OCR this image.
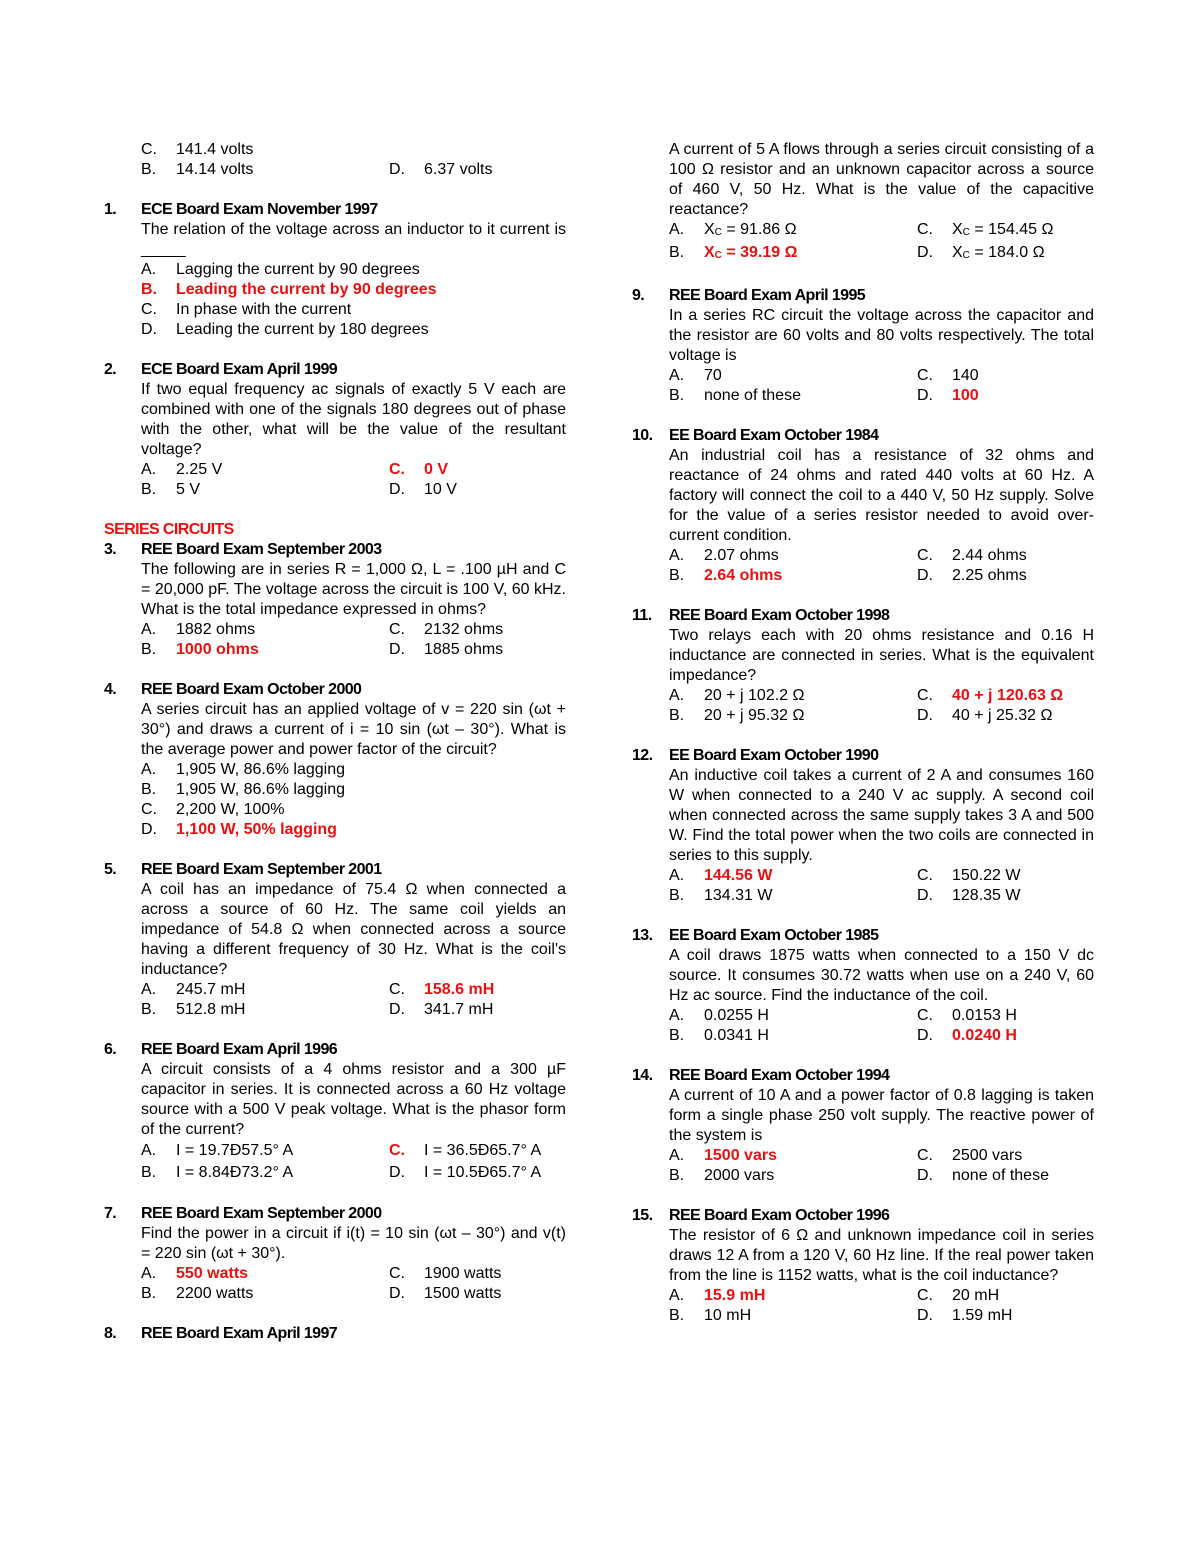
C.	141.4 volts
B.	14.14 volts	D.	6.37 volts
1.	ECE Board Exam November 1997
The relation of the voltage across an inductor to it current is _____
A.	Lagging the current by 90 degrees
B.	Leading the current by 90 degrees
C.	In phase with the current
D.	Leading the current by 180 degrees
2.	ECE Board Exam April 1999
If two equal frequency ac signals of exactly 5 V each are combined with one of the signals 180 degrees out of phase with the other, what will be the value of the resultant voltage?
A.	2.25 V	C.	0 V
B.	5 V	D.	10 V
SERIES CIRCUITS
3.	REE Board Exam September 2003
The following are in series R = 1,000 Ω, L = .100 µH and C = 20,000 pF. The voltage across the circuit is 100 V, 60 kHz. What is the total impedance expressed in ohms?
A.	1882 ohms	C.	2132 ohms
B.	1000 ohms	D.	1885 ohms
4.	REE Board Exam October 2000
A series circuit has an applied voltage of v = 220 sin (ωt + 30°) and draws a current of i = 10 sin (ωt – 30°). What is the average power and power factor of the circuit?
A.	1,905 W, 86.6% lagging
B.	1,905 W, 86.6% lagging
C.	2,200 W, 100%
D.	1,100 W, 50% lagging
5.	REE Board Exam September 2001
A coil has an impedance of 75.4 Ω when connected a across a source of 60 Hz. The same coil yields an impedance of 54.8 Ω when connected across a source having a different frequency of 30 Hz. What is the coil's inductance?
A.	245.7 mH	C.	158.6 mH
B.	512.8 mH	D.	341.7 mH
6.	REE Board Exam April 1996
A circuit consists of a 4 ohms resistor and a 300 µF capacitor in series. It is connected across a 60 Hz voltage source with a 500 V peak voltage. What is the phasor form of the current?
A.	I = 19.7Ð57.5° A	C.	I = 36.5Ð65.7° A
B.	I = 8.84Ð73.2° A	D.	I = 10.5Ð65.7° A
7.	REE Board Exam September 2000
Find the power in a circuit if i(t) = 10 sin (ωt – 30°) and v(t) = 220 sin (ωt + 30°).
A.	550 watts	C.	1900 watts
B.	2200 watts	D.	1500 watts
8.	REE Board Exam April 1997
A current of 5 A flows through a series circuit consisting of a 100 Ω resistor and an unknown capacitor across a source of 460 V, 50 Hz. What is the value of the capacitive reactance?
A.	$X_C = 91.86$ Ω	C.	$X_C = 154.45$ Ω
B.	$X_C = 39.19$ Ω	D.	$X_C = 184.0$ Ω
9.	REE Board Exam April 1995
In a series RC circuit the voltage across the capacitor and the resistor are 60 volts and 80 volts respectively. The total voltage is
A.	70	C.	140
B.	none of these	D.	100
10.	EE Board Exam October 1984
An industrial coil has a resistance of 32 ohms and reactance of 24 ohms and rated 440 volts at 60 Hz. A factory will connect the coil to a 440 V, 50 Hz supply. Solve for the value of a series resistor needed to avoid over-current condition.
A.	2.07 ohms	C.	2.44 ohms
B.	2.64 ohms	D.	2.25 ohms
11.	REE Board Exam October 1998
Two relays each with 20 ohms resistance and 0.16 H inductance are connected in series. What is the equivalent impedance?
A.	20 + j 102.2 Ω	C.	40 + j 120.63 Ω
B.	20 + j 95.32 Ω	D.	40 + j 25.32 Ω
12.	EE Board Exam October 1990
An inductive coil takes a current of 2 A and consumes 160 W when connected to a 240 V ac supply. A second coil when connected across the same supply takes 3 A and 500 W. Find the total power when the two coils are connected in series to this supply.
A.	144.56 W	C.	150.22 W
B.	134.31 W	D.	128.35 W
13.	EE Board Exam October 1985
A coil draws 1875 watts when connected to a 150 V dc source. It consumes 30.72 watts when use on a 240 V, 60 Hz ac source. Find the inductance of the coil.
A.	0.0255 H	C.	0.0153 H
B.	0.0341 H	D.	0.0240 H
14.	REE Board Exam October 1994
A current of 10 A and a power factor of 0.8 lagging is taken form a single phase 250 volt supply. The reactive power of the system is
A.	1500 vars	C.	2500 vars
B.	2000 vars	D.	none of these
15.	REE Board Exam October 1996
The resistor of 6 Ω and unknown impedance coil in series draws 12 A from a 120 V, 60 Hz line. If the real power taken from the line is 1152 watts, what is the coil inductance?
A.	15.9 mH	C.	20 mH
B.	10 mH	D.	1.59 mH
